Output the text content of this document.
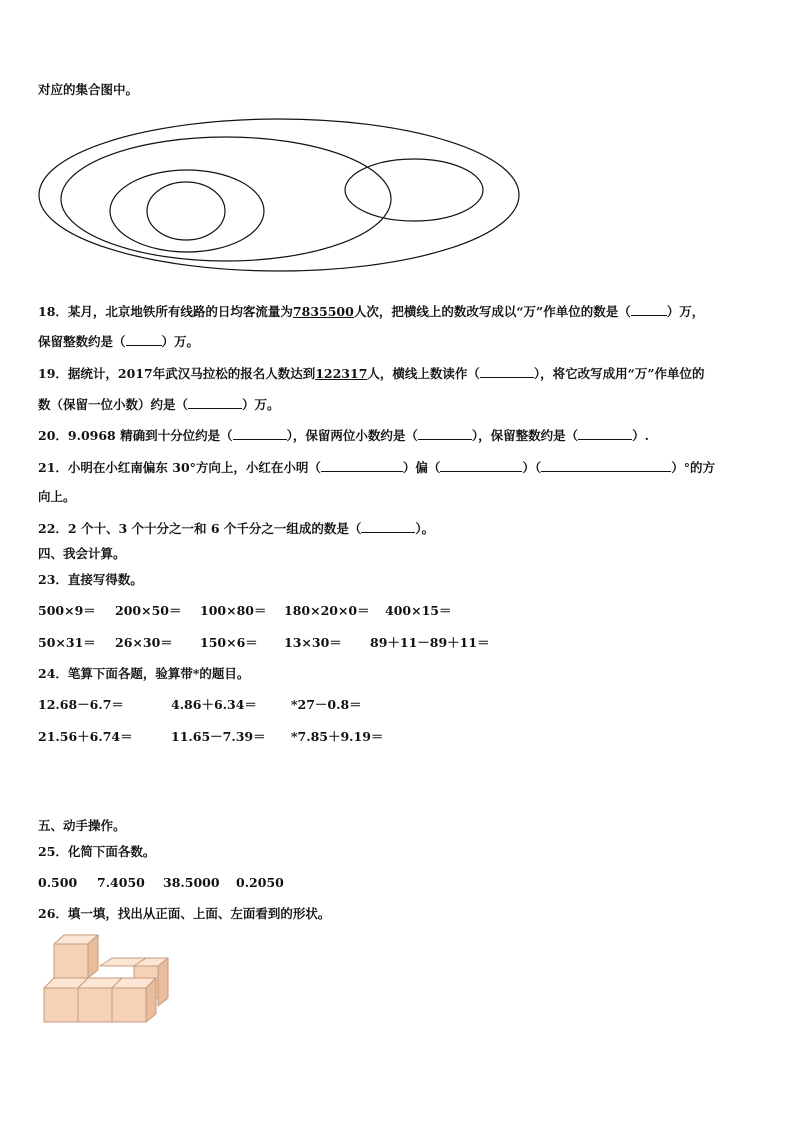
对应的集合图中。
18．某月，北京地铁所有线路的日均客流量为7835500人次，把横线上的数改写成以“万”作单位的数是（	）万，
保留整数约是（	）万。
19．据统计，2017年武汉马拉松的报名人数达到122317人，横线上数读作（	），将它改写成用“万”作单位的
数（保留一位小数）约是（	）万。
20．9.0968 精确到十分位约是（	），保留两位小数约是（	），保留整数约是（	）.
21．小明在小红南偏东 30°方向上，小红在小明（	）偏（	）（	）°的方
向上。
22．2 个十、3 个十分之一和 6 个千分之一组成的数是（	）。
四、我会计算。
23．直接写得数。
500×9＝ 200×50＝ 100×80＝ 180×20×0＝ 400×15＝
50×31＝ 26×30＝ 150×6＝ 13×30＝ 89＋11－89＋11＝
24．笔算下面各题，验算带*的题目。
12.68－6.7＝	4.86＋6.34＝	*27－0.8＝
21.56＋6.74＝	11.65－7.39＝ *7.85＋9.19＝
五、动手操作。
25．化简下面各数。
0.500 7.4050 38.5000 0.2050
26．填一填，找出从正面、上面、左面看到的形状。
